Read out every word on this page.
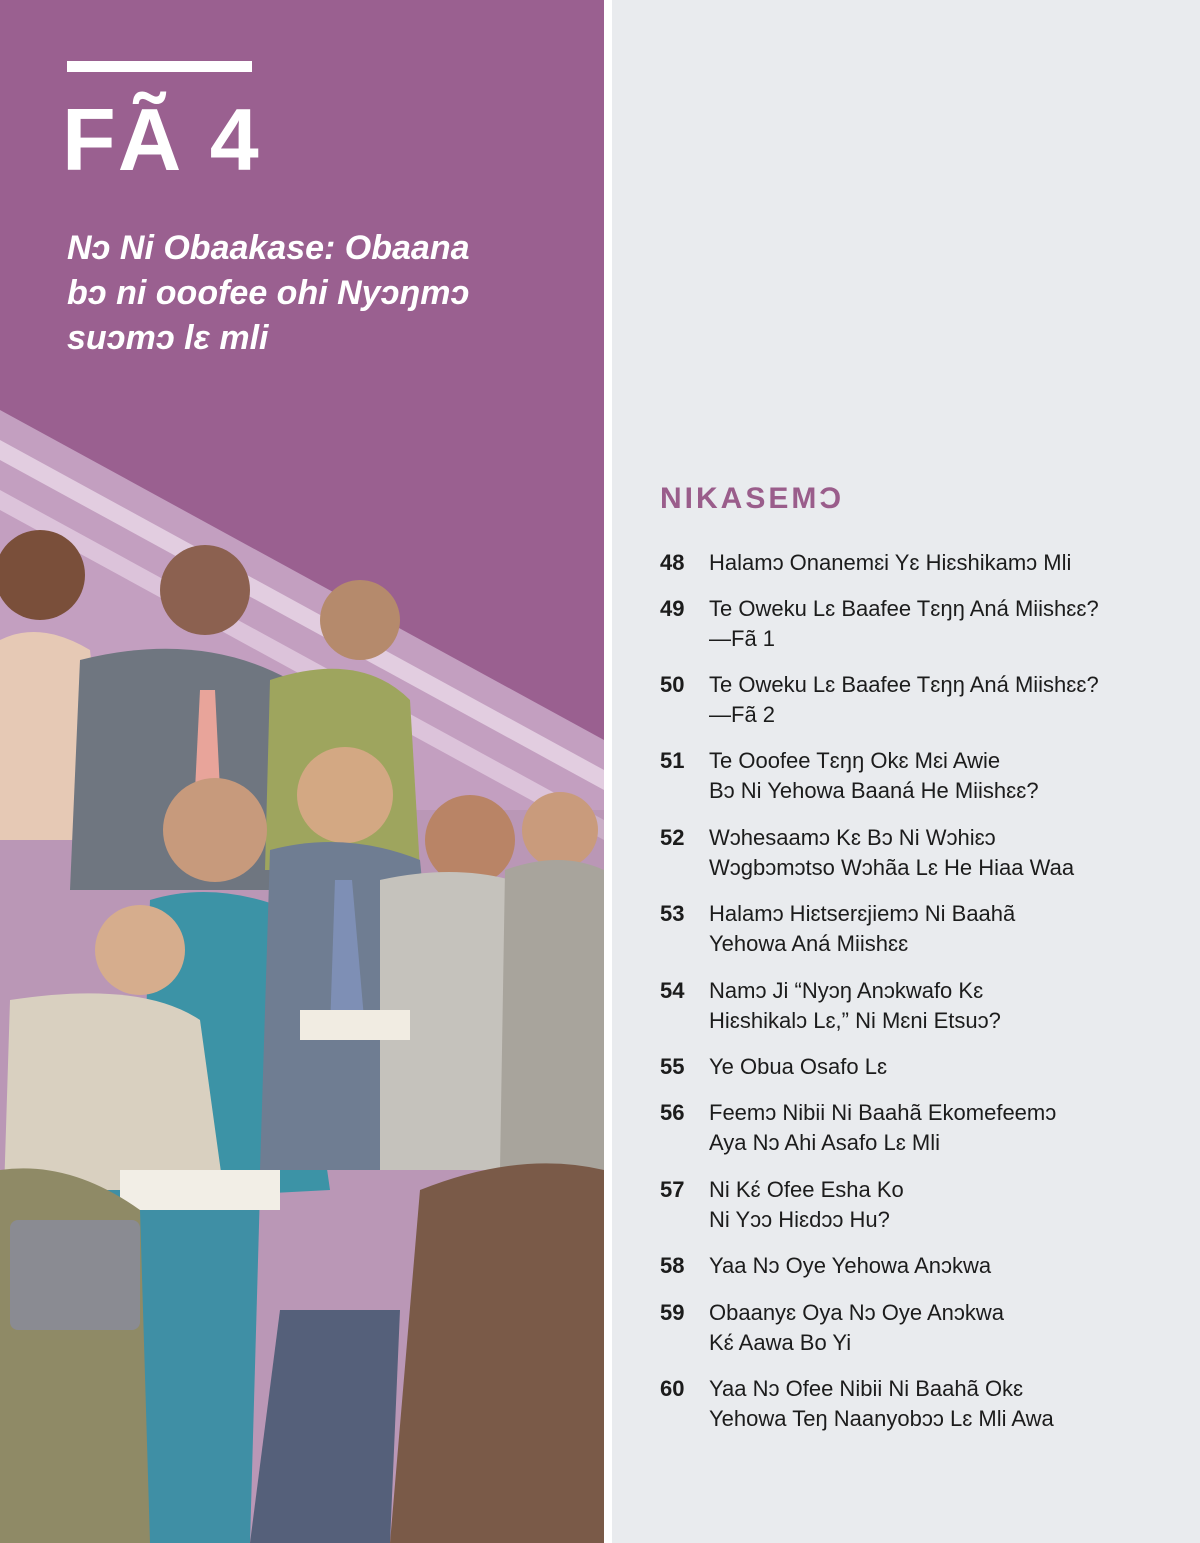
FÃ 4

Nɔ Ni Obaakase: Obaana
bɔ ni ooofee ohi Nyɔŋmɔ
suɔmɔ lɛ mli

NIKASEMƆ
48	Halamɔ Onanemɛi Yɛ Hiɛshikamɔ Mli
49	Te Oweku Lɛ Baafee Tɛŋŋ Aná Miishɛɛ?
—Fã 1
50	Te Oweku Lɛ Baafee Tɛŋŋ Aná Miishɛɛ?
—Fã 2
51	Te Ooofee Tɛŋŋ Okɛ Mɛi Awie
Bɔ Ni Yehowa Baaná He Miishɛɛ?
52	Wɔhesaamɔ Kɛ Bɔ Ni Wɔhiɛɔ
Wɔgbɔmɔtso Wɔhãa Lɛ He Hiaa Waa
53	Halamɔ Hiɛtserɛjiemɔ Ni Baahã
Yehowa Aná Miishɛɛ
54	Namɔ Ji “Nyɔŋ Anɔkwafo Kɛ
Hiɛshikalɔ Lɛ,” Ni Mɛni Etsuɔ?
55	Ye Obua Osafo Lɛ
56	Feemɔ Nibii Ni Baahã Ekomefeemɔ
Aya Nɔ Ahi Asafo Lɛ Mli
57	Ni Kɛ́ Ofee Esha Ko
Ni Yɔɔ Hiɛdɔɔ Hu?
58	Yaa Nɔ Oye Yehowa Anɔkwa
59	Obaanyɛ Oya Nɔ Oye Anɔkwa
Kɛ́ Aawa Bo Yi
60	Yaa Nɔ Ofee Nibii Ni Baahã Okɛ
Yehowa Teŋ Naanyobɔɔ Lɛ Mli Awa
